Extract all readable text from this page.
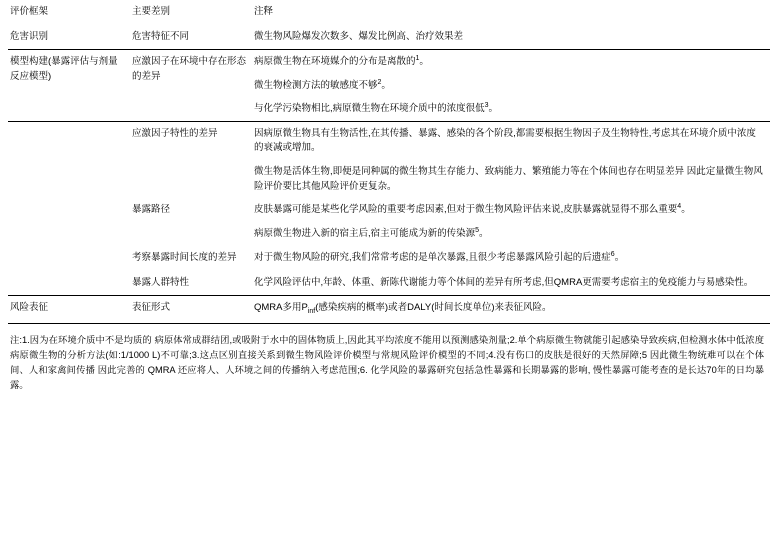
评价框架	主要差别	注释
危害识别	危害特征不同	微生物风险爆发次数多、爆发比例高、治疗效果差
模型构建(暴露评估与剂量反应模型)	应激因子在环境中存在形态的差异	病原微生物在环境媒介的分布是离散的$^1$。
		微生物检测方法的敏感度不够$^2$。
		与化学污染物相比,病原微生物在环境介质中的浓度很低$^3$。
	应激因子特性的差异	因病原微生物具有生物活性,在其传播、暴露、感染的各个阶段,都需要根据生物因子及生物特性,考虑其在环境介质中浓度的衰减或增加。
		微生物是活体生物,即便是同种属的微生物其生存能力、致病能力、繁殖能力等在个体间也存在明显差异 因此定量微生物风险评价要比其他风险评价更复杂。
	暴露路径	皮肤暴露可能是某些化学风险的重要考虑因素,但对于微生物风险评估来说,皮肤暴露就显得不那么重要$^4$。
		病原微生物进入新的宿主后,宿主可能成为新的传染源$^5$。
	考察暴露时间长度的差异	对于微生物风险的研究,我们常常考虑的是单次暴露,且很少考虑暴露风险引起的后遗症$^6$。
	暴露人群特性	化学风险评估中,年龄、体重、新陈代谢能力等个体间的差异有所考虑,但QMRA更需要考虑宿主的免疫能力与易感染性。
风险表征	表征形式	QMRA多用$P_{inf}$(感染疾病的概率)或者DALY(时间长度单位)来表征风险。
注:1.因为在环境介质中不是均质的 病原体常成群结团,或吸附于水中的固体物质上,因此其平均浓度不能用以预测感染剂量;2.单个病原微生物就能引起感染导致疾病,但检测水体中低浓度病原微生物的分析方法(如:1/1000 L)不可靠;3.这点区别直接关系到微生物风险评价模型与常规风险评价模型的不同;4.没有伤口的皮肤是很好的天然屏障;5 因此微生物统难可以在个体间、人和家禽间传播 因此完善的 QMRA 还应将人、人环境之间的传播纳入考虑范围;6. 化学风险的暴露研究包括急性暴露和长期暴露的影响, 慢性暴露可能考查的是长达70年的日均暴露。
